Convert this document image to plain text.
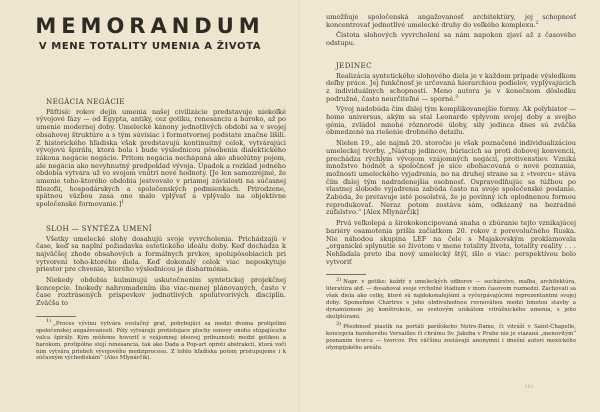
MEMORANDUM
V MENE TOTALITY UMENIA A ŽIVOTA

NEGÁCIA NEGÁCIE

Päťtisíc rokov dejín umenia našej civilizácie predstavuje niekoľké vývojové fázy — od Egypta, antiky, cez gotiku, renesanciu a baroko, až po umenie modernej doby. Umelecké kánony jednotlivých období sa v svojej obsahovej štruktúre a s tým súvisiac i formotvornej podstate značne líšili. Z historického hľadiska však predstavujú kontinuitný celok, vytvárajúci vývojovú špirálu, ktorá bola i bude výslednicou pôsobenia dialektického zákona negácie negácie. Pritom negácia nechápaná ako absolútny pojem, ale negácia ako nevyhnutný predpoklad vývoja. Úpadok a rozklad jedného obdobia vytvára už vo svojom vnútri nové hodnoty. [Je len samozrejmé, že umenie toho-ktorého obdobia jestvovalo v priamej závislosti na súčasnej filozofii, hospodárskych a spoločenských podmienkach. Prirodzene, spätnou väzbou zasa ono malo vplývať a vplývalo na objektívne spoločenské formovanie.]$^1$

SLOH — SYNTÉZA UMENÍ

Všetky umelecké slohy dosahujú svoje vyvrcholenia. Prichádzajú v čase, keď sa naplní požiadavka estetického ideálu doby. Keď dochádza k najväčšej zhode obsahových a formálnych prvkov, spolupôsobiacich pri vytvorení toho-ktorého diela. Keď dokonalý celok viac neposkytuje priestor pre chvenie, ktorého výslednicou je disharmónia.

Niekedy obdobia kulminujú uskutočnením syntetickej projekčnej koncepcie. Inokedy nahromadením iba viac-menej plánovaných, často v čase roztrúsených príspevkov jednotlivých spolutvorivých disciplín. Zväčša to

1) „Proces vývinu vytvára evolučný graf, pohybujúci sa medzi dvoma protipólmi spoločenskej angažovanosti. Póly vytvárajú protistojace plochy osnovy onoho stúpajúceho valca špirály. Kým môžeme hovoriť o vzájomnej ideovej príbuznosti medzi gotikou a barokom, protipólne stojí renesancia, tak ako Dada a Pop-art oproti abstrakcii, ktorá voči nim vytvára priebeh vývojového medziprocesu. Z tohto hľadiska potom pristupujeme i k súčasným východiskám“ (Ales Mlynárčik).

umožňuje spoločenská angažovanosť architektúry, jej schopnosť koncentrovať jednotlivé umelecké druhy do veľkého komplexu.$^2$

Čistota slohových vyvrcholení sa nám napokon zjaví až z časového odstupu.

JEDINEC

Realizácia syntetického slohového diela je v každom prípade výsledkom deľby práce. Jej funkčnosť je určovaná hierarchiou podielov, vyplývajúcich z individuálnych schopností. Meno autora je v konečnom dôsledku podružné, často neurčiteľné — sporné.$^3$

Vývoj nadobúda čím ďalej tým komplikovanejšie formy. Ak polyhistor — homo universus, akým sa stal Leonardo vplyvom svojej doby a svojho génia, zvládol mnohé rôznorodé úlohy, sily jedinca dnes sú zväčša obmedzené na riešenie drobného detailu.

Nielen 19., ale najmä 20. storočie je však poznačené individualizáciou umeleckej tvorby. „Nástup jedincov, búriacich sa proti dobovej konvencii, prechádza rýchlym vývojom vzájomných negácií, protivenstiev. Vzniká množstvo hodnôt a spoločnosť je síce obohacovaná o nové poznania, možnosti umeleckého vyjadrenia, no na druhej strane sa z »tvorcu« stáva čím ďalej tým nadradenejšia osobnosť. Ospravedlňujúc sa túžbou po vlastnej slobode vyjadrenia zabúda často na svoje spoločenské poslanie. Zabúda, že pretavuje isté posolstvá, že je povinný ich oplodnenou formou reprodukovať. Neraz potom zostáva sám, odkázaný na bezradné zúfalstvo.“ [Alex Mlynárčik]

Prvá veľkolepá a širokokoncipovaná snaha o zbúranie tejto vznikajúcej bariéry osamotenia prišla začiatkom 20. rokov z porevolučného Ruska. Nie náhodou skupina LEF na čele s Majakovským proklamovala „organické splynutie so životom v mene totality života, totality reality . . . Nehľadala preto iba nový umelecký štýl, išlo o viac: perspektívou bolo vytvoriť

2) Napr. v gotike: každý z umeleckých odborov — sochárstvo, maľba, architektúra, literatúra atď. — dosahoval svoje vrcholné štádium v inom časovom rozmedzí. Zachovali sa však diela ako celky, ktoré sú najdokonalejšími a vyčerpávajúcimi reprezentantmi svojej doby. Spomeňme Chártres s jeho obdivuhodnou rovnováhou medzi hmotou stavby a dynamizmom jej konštrukcie, so svetovým unikátom vitrážnického umenia, s jeho skulptúrami.

3) Pôsobnosť plastík na portáli parížskeho Notre-Dame, či vitráží v Saint-Chapelle, koncepcia barokového Versailles či chrámu Sv. Jakuba v Prahe nie je viazaná „menovitým“ poznaním tvorcu — tvorcov. Pre väčšinu zostávajú anonymní i dnešní autori mexického olympijského areálu.

181
